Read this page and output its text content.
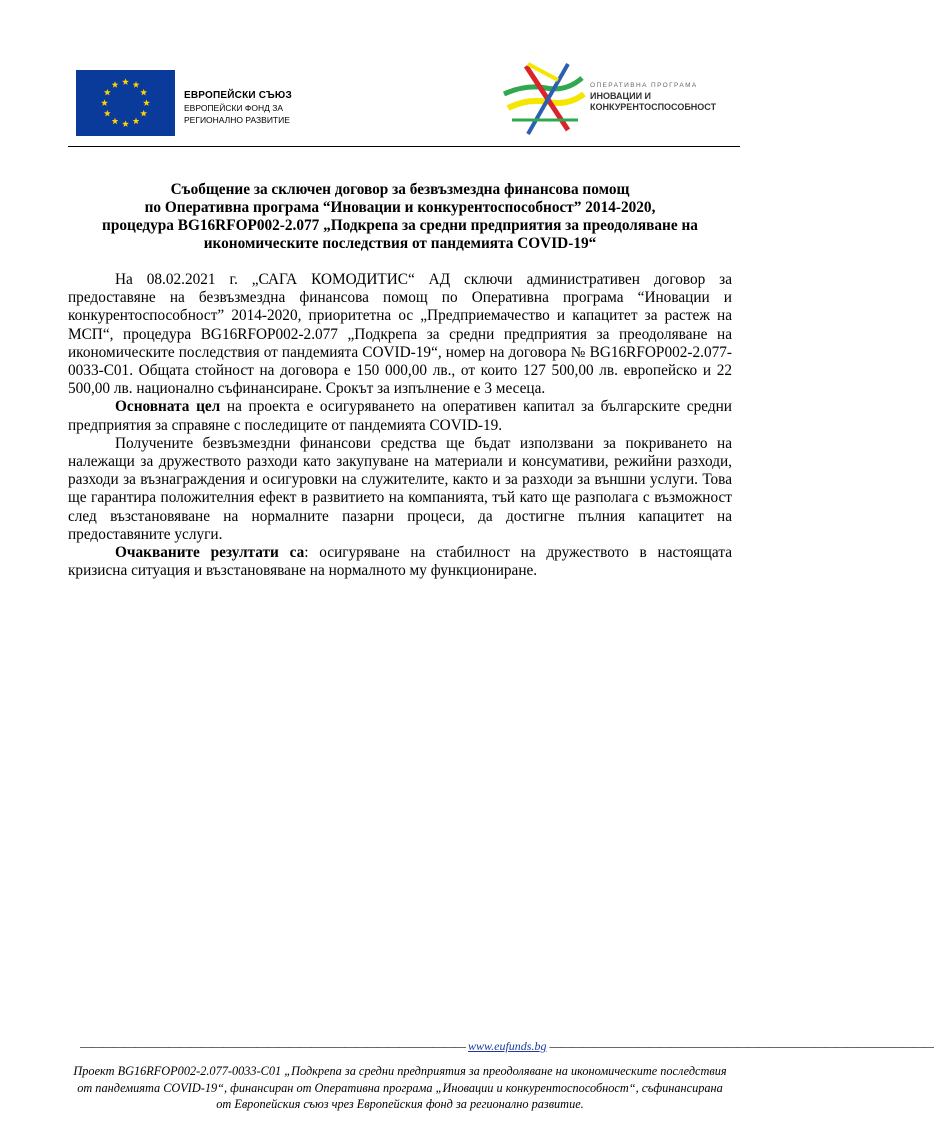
ЕВРОПЕЙСКИ СЪЮЗ
ЕВРОПЕЙСКИ ФОНД ЗА
РЕГИОНАЛНО РАЗВИТИЕ
ОПЕРАТИВНА ПРОГРАМА
ИНОВАЦИИ И
КОНКУРЕНТОСПОСОБНОСТ
Съобщение за сключен договор за безвъзмездна финансова помощ
по Оперативна програма “Иновации и конкурентоспособност” 2014-2020,
процедура BG16RFOP002-2.077 „Подкрепа за средни предприятия за преодоляване на
икономическите последствия от пандемията COVID-19“

На 08.02.2021 г. „САГА КОМОДИТИС“ АД сключи административен договор за предоставяне на безвъзмездна финансова помощ по Оперативна програма “Иновации и конкурентоспособност” 2014-2020, приоритетна ос „Предприемачество и капацитет за растеж на МСП“, процедура BG16RFOP002-2.077 „Подкрепа за средни предприятия за преодоляване на икономическите последствия от пандемията COVID-19“, номер на договора № BG16RFOP002-2.077-0033-C01. Общата стойност на договора е 150 000,00 лв., от които 127 500,00 лв. европейско и 22 500,00 лв. национално съфинансиране. Срокът за изпълнение е 3 месеца.

Основната цел на проекта е осигуряването на оперативен капитал за българските средни предприятия за справяне с последиците от пандемията COVID-19.

Получените безвъзмездни финансови средства ще бъдат използвани за покриването на належащи за дружеството разходи като закупуване на материали и консумативи, режийни разходи, разходи за възнаграждения и осигуровки на служителите, както и за разходи за външни услуги. Това ще гарантира положителния ефект в развитието на компанията, тъй като ще разполага с възможност след възстановяване на нормалните пазарни процеси, да достигне пълния капацитет на предоставяните услуги.

Очакваните резултати са: осигуряване на стабилност на дружеството в настоящата кризисна ситуация и възстановяване на нормалното му функциониране.

——————————————————————————————————— www.eufunds.bg ———————————————————————————————————
Проект BG16RFOP002-2.077-0033-C01 „Подкрепа за средни предприятия за преодоляване на икономическите последствия от пандемията COVID-19“, финансиран от Оперативна програма „Иновации и конкурентоспособност“, съфинансирана от Европейския съюз чрез Европейския фонд за регионално развитие.
